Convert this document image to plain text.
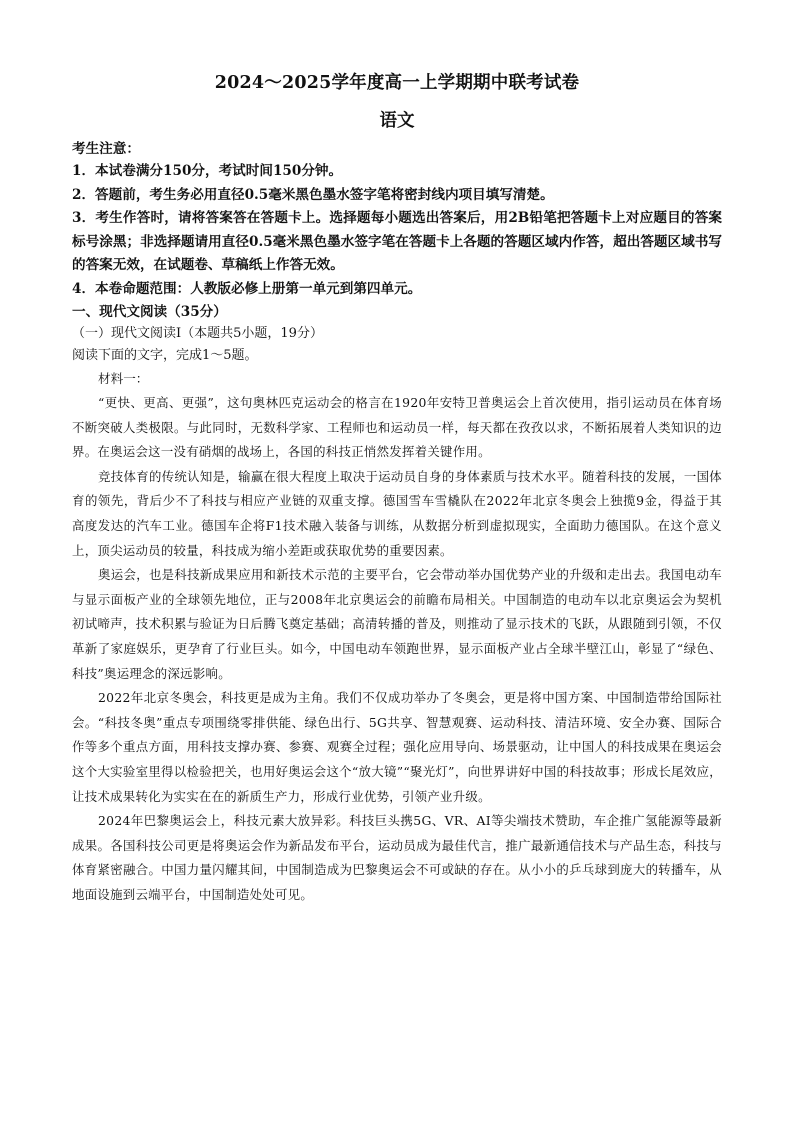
2024～2025学年度高一上学期期中联考试卷
语文

考生注意：

1．本试卷满分150分，考试时间150分钟。

2．答题前，考生务必用直径0.5毫米黑色墨水签字笔将密封线内项目填写清楚。

3．考生作答时，请将答案答在答题卡上。选择题每小题选出答案后，用2B铅笔把答题卡上对应题目的答案标号涂黑；非选择题请用直径0.5毫米黑色墨水签字笔在答题卡上各题的答题区域内作答，超出答题区域书写的答案无效，在试题卷、草稿纸上作答无效。

4．本卷命题范围：人教版必修上册第一单元到第四单元。

一、现代文阅读（35分）

（一）现代文阅读Ⅰ（本题共5小题，19分）

阅读下面的文字，完成1～5题。

材料一：

“更快、更高、更强”，这句奥林匹克运动会的格言在1920年安特卫普奥运会上首次使用，指引运动员在体育场不断突破人类极限。与此同时，无数科学家、工程师也和运动员一样，每天都在孜孜以求，不断拓展着人类知识的边界。在奥运会这一没有硝烟的战场上，各国的科技正悄然发挥着关键作用。

竞技体育的传统认知是，输赢在很大程度上取决于运动员自身的身体素质与技术水平。随着科技的发展，一国体育的领先，背后少不了科技与相应产业链的双重支撑。德国雪车雪橇队在2022年北京冬奥会上独揽9金，得益于其高度发达的汽车工业。德国车企将F1技术融入装备与训练，从数据分析到虚拟现实，全面助力德国队。在这个意义上，顶尖运动员的较量，科技成为缩小差距或获取优势的重要因素。

奥运会，也是科技新成果应用和新技术示范的主要平台，它会带动举办国优势产业的升级和走出去。我国电动车与显示面板产业的全球领先地位，正与2008年北京奥运会的前瞻布局相关。中国制造的电动车以北京奥运会为契机初试啼声，技术积累与验证为日后腾飞奠定基础；高清转播的普及，则推动了显示技术的飞跃，从跟随到引领，不仅革新了家庭娱乐，更孕育了行业巨头。如今，中国电动车领跑世界，显示面板产业占全球半壁江山，彰显了“绿色、科技”奥运理念的深远影响。

2022年北京冬奥会，科技更是成为主角。我们不仅成功举办了冬奥会，更是将中国方案、中国制造带给国际社会。“科技冬奥”重点专项围绕零排供能、绿色出行、5G共享、智慧观赛、运动科技、清洁环境、安全办赛、国际合作等多个重点方面，用科技支撑办赛、参赛、观赛全过程；强化应用导向、场景驱动，让中国人的科技成果在奥运会这个大实验室里得以检验把关，也用好奥运会这个“放大镜”“聚光灯”，向世界讲好中国的科技故事；形成长尾效应，让技术成果转化为实实在在的新质生产力，形成行业优势，引领产业升级。

2024年巴黎奥运会上，科技元素大放异彩。科技巨头携5G、VR、AI等尖端技术赞助，车企推广氢能源等最新成果。各国科技公司更是将奥运会作为新品发布平台，运动员成为最佳代言，推广最新通信技术与产品生态，科技与体育紧密融合。中国力量闪耀其间，中国制造成为巴黎奥运会不可或缺的存在。从小小的乒乓球到庞大的转播车，从地面设施到云端平台，中国制造处处可见。
